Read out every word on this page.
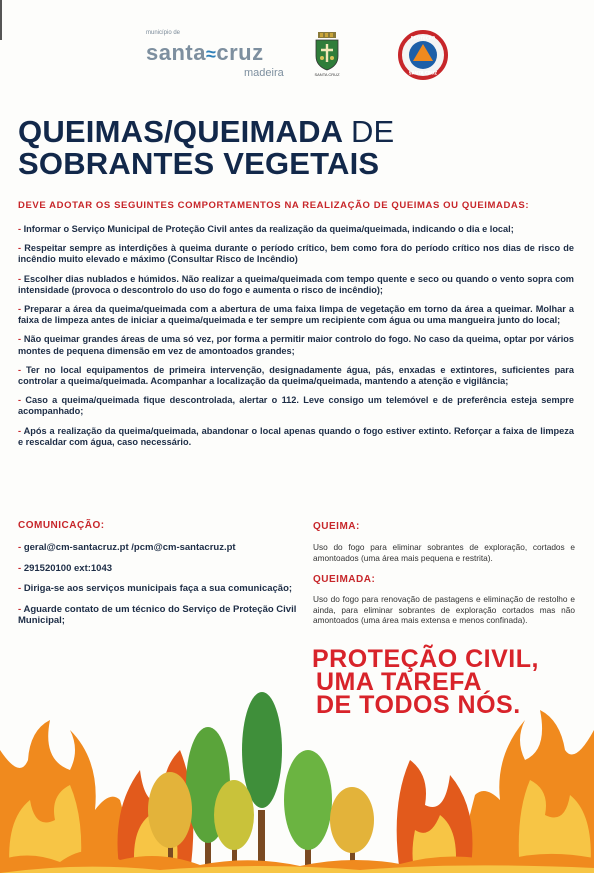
município de
santa≈cruz
madeira	SANTA CRUZ
PROTEÇÃO
SANTA CRUZ
QUEIMAS/QUEIMADA DE
SOBRANTES VEGETAIS
DEVE ADOTAR OS SEGUINTES COMPORTAMENTOS NA REALIZAÇÃO DE QUEIMAS OU QUEIMADAS:
- Informar o Serviço Municipal de Proteção Civil antes da realização da queima/queimada, indicando o dia e local;
- Respeitar sempre as interdições à queima durante o período crítico, bem como fora do período crítico nos dias de risco de incêndio muito elevado e máximo (Consultar Risco de Incêndio)
- Escolher dias nublados e húmidos. Não realizar a queima/queimada com tempo quente e seco ou quando o vento sopra com intensidade (provoca o descontrolo do uso do fogo e aumenta o risco de incêndio);
- Preparar a área da queima/queimada com a abertura de uma faixa limpa de vegetação em torno da área a queimar. Molhar a faixa de limpeza antes de iniciar a queima/queimada e ter sempre um recipiente com água ou uma mangueira junto do local;
- Não queimar grandes áreas de uma só vez, por forma a permitir maior controlo do fogo. No caso da queima, optar por vários montes de pequena dimensão em vez de amontoados grandes;
- Ter no local equipamentos de primeira intervenção, designadamente água, pás, enxadas e extintores, suficientes para controlar a queima/queimada. Acompanhar a localização da queima/queimada, mantendo a atenção e vigilância;
- Caso a queima/queimada fique descontrolada, alertar o 112. Leve consigo um telemóvel e de preferência esteja sempre acompanhado;
- Após a realização da queima/queimada, abandonar o local apenas quando o fogo estiver extinto. Reforçar a faixa de limpeza e rescaldar com água, caso necessário.
COMUNICAÇÃO:
- geral@cm-santacruz.pt /pcm@cm-santacruz.pt
- 291520100 ext:1043
- Diriga-se aos serviços municipais faça a sua comunicação;
- Aguarde contato de um técnico do Serviço de Proteção Civil Municipal;
QUEIMA:
Uso do fogo para eliminar sobrantes de exploração, cortados e amontoados (uma área mais pequena e restrita).
QUEIMADA:
Uso do fogo para renovação de pastagens e eliminação de restolho e ainda, para eliminar sobrantes de exploração cortados mas não amontoados (uma área mais extensa e menos confinada).
PROTEÇÃO CIVIL,
UMA TAREFA
DE TODOS NÓS.
